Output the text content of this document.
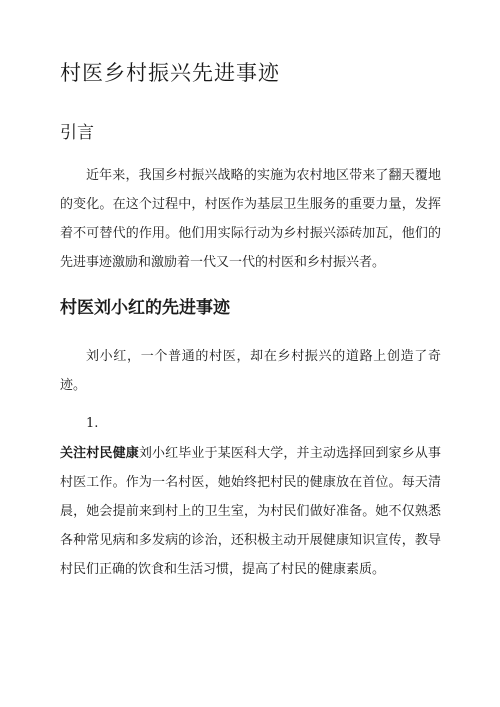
村医乡村振兴先进事迹
引言

近年来，我国乡村振兴战略的实施为农村地区带来了翻天覆地的变化。在这个过程中，村医作为基层卫生服务的重要力量，发挥着不可替代的作用。他们用实际行动为乡村振兴添砖加瓦，他们的先进事迹激励和激励着一代又一代的村医和乡村振兴者。

村医刘小红的先进事迹

刘小红，一个普通的村医，却在乡村振兴的道路上创造了奇迹。

1.

关注村民健康刘小红毕业于某医科大学，并主动选择回到家乡从事村医工作。作为一名村医，她始终把村民的健康放在首位。每天清晨，她会提前来到村上的卫生室，为村民们做好准备。她不仅熟悉各种常见病和多发病的诊治，还积极主动开展健康知识宣传，教导村民们正确的饮食和生活习惯，提高了村民的健康素质。
